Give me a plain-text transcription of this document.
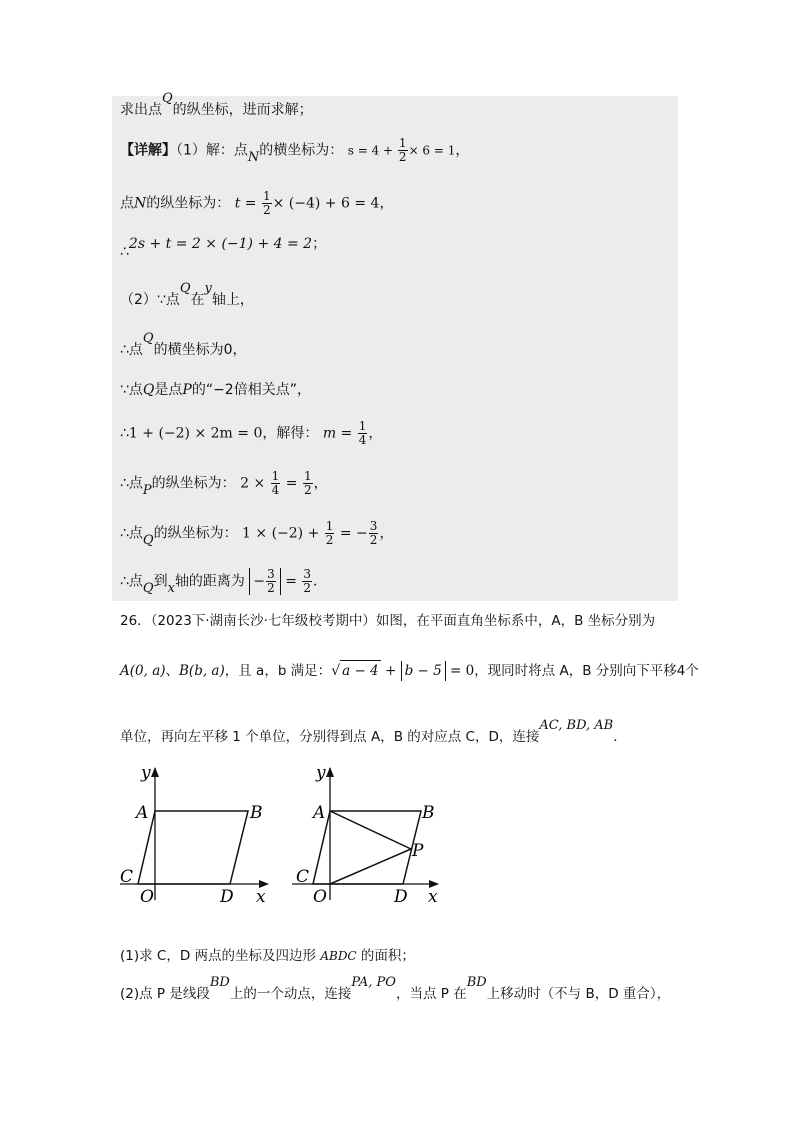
求出点Q的纵坐标，进而求解；
【详解】（1）解：点N的横坐标为： $s = 4 + \frac{1}{2} \times 6 = 1$，
点N的纵坐标为： $t = \frac{1}{2} \times (-4) + 6 = 4$，
∴2s + t = 2 × (−1) + 4 = 2；
（2）∵点Q在y轴上，
∴点Q的横坐标为0，
∵点Q是点P的“−2倍相关点”，
∴1 + (−2) × 2m = 0，解得： $m = \frac{1}{4}$ ，
∴点P的纵坐标为： $2 \times \frac{1}{4} = \frac{1}{2}$ ，
∴点Q的纵坐标为： $1 \times (-2) + \frac{1}{2}$ = − $\frac{3}{2}$ ，
∴点Q到x轴的距离为 − $\frac{3}{2} = \frac{3}{2}$ ．
26．（2023下·湖南长沙·七年级校考期中）如图，在平面直角坐标系中，A，B 坐标分别为
A(0, a)、B(b, a)，且 a，b 满足：√ a − 4 + b − 5 = 0，现同时将点 A，B 分别向下平移4个
单位，再向左平移 1 个单位，分别得到点 A，B 的对应点 C，D，连接AC, BD, AB．
y
A	B
C
O	D x
y
A	B
P
C
O	D x
(1)求 C，D 两点的坐标及四边形 ABDC 的面积；
(2)点 P 是线段BD上的一个动点，连接PA, PO，当点 P 在BD上移动时（不与 B，D 重合），
